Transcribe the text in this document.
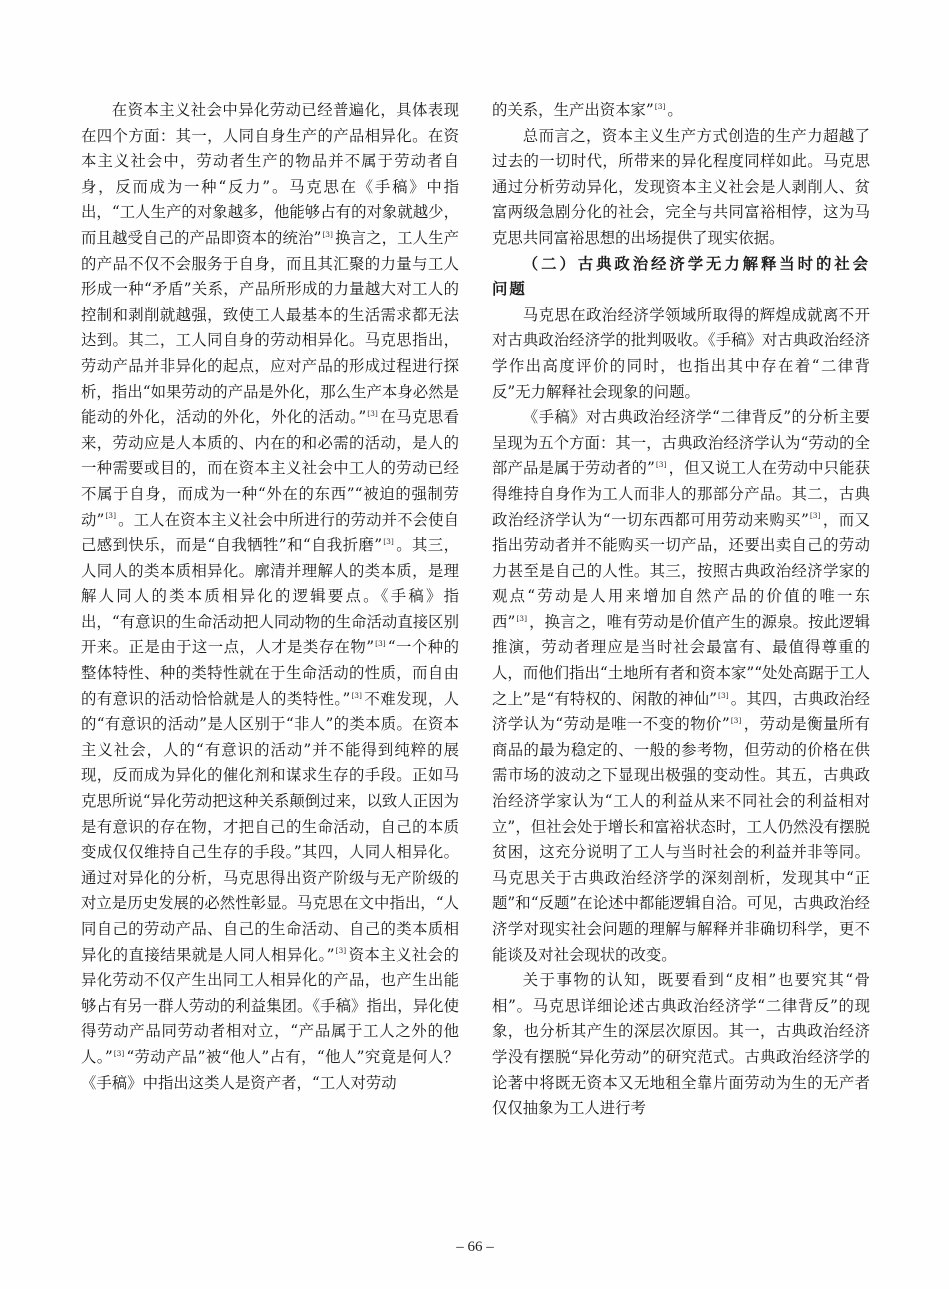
在资本主义社会中异化劳动已经普遍化，具体表现在四个方面：其一，人同自身生产的产品相异化。在资本主义社会中，劳动者生产的物品并不属于劳动者自身，反而成为一种“反力”。马克思在《手稿》中指出，“工人生产的对象越多，他能够占有的对象就越少，而且越受自己的产品即资本的统治”[3] 换言之，工人生产的产品不仅不会服务于自身，而且其汇聚的力量与工人形成一种“矛盾”关系，产品所形成的力量越大对工人的控制和剥削就越强，致使工人最基本的生活需求都无法达到。其二，工人同自身的劳动相异化。马克思指出，劳动产品并非异化的起点，应对产品的形成过程进行探析，指出“如果劳动的产品是外化，那么生产本身必然是能动的外化，活动的外化，外化的活动。”[3] 在马克思看来，劳动应是人本质的、内在的和必需的活动，是人的一种需要或目的，而在资本主义社会中工人的劳动已经不属于自身，而成为一种“外在的东西”“被迫的强制劳动”[3] 。工人在资本主义社会中所进行的劳动并不会使自己感到快乐，而是“自我牺牲”和“自我折磨”[3] 。其三，人同人的类本质相异化。廓清并理解人的类本质，是理解人同人的类本质相异化的逻辑要点。《手稿》指出，“有意识的生命活动把人同动物的生命活动直接区别开来。正是由于这一点，人才是类存在物”[3] “一个种的整体特性、种的类特性就在于生命活动的性质，而自由的有意识的活动恰恰就是人的类特性。”[3] 不难发现，人的“有意识的活动”是人区别于“非人”的类本质。在资本主义社会，人的“有意识的活动”并不能得到纯粹的展现，反而成为异化的催化剂和谋求生存的手段。正如马克思所说“异化劳动把这种关系颠倒过来，以致人正因为是有意识的存在物，才把自己的生命活动，自己的本质变成仅仅维持自己生存的手段。”其四，人同人相异化。通过对异化的分析，马克思得出资产阶级与无产阶级的对立是历史发展的必然性彰显。马克思在文中指出，“人同自己的劳动产品、自己的生命活动、自己的类本质相异化的直接结果就是人同人相异化。”[3] 资本主义社会的异化劳动不仅产生出同工人相异化的产品，也产生出能够占有另一群人劳动的利益集团。《手稿》指出，异化使得劳动产品同劳动者相对立，“产品属于工人之外的他人。”[3] “劳动产品”被“他人”占有，“他人”究竟是何人？《手稿》中指出这类人是资产者，“工人对劳动

的关系，生产出资本家”[3] 。

总而言之，资本主义生产方式创造的生产力超越了过去的一切时代，所带来的异化程度同样如此。马克思通过分析劳动异化，发现资本主义社会是人剥削人、贫富两级急剧分化的社会，完全与共同富裕相悖，这为马克思共同富裕思想的出场提供了现实依据。

（二）古典政治经济学无力解释当时的社会问题

马克思在政治经济学领域所取得的辉煌成就离不开对古典政治经济学的批判吸收。《手稿》对古典政治经济学作出高度评价的同时，也指出其中存在着“二律背反”无力解释社会现象的问题。

《手稿》对古典政治经济学“二律背反”的分析主要呈现为五个方面：其一，古典政治经济学认为“劳动的全部产品是属于劳动者的”[3] ，但又说工人在劳动中只能获得维持自身作为工人而非人的那部分产品。其二，古典政治经济学认为“一切东西都可用劳动来购买”[3] ，而又指出劳动者并不能购买一切产品，还要出卖自己的劳动力甚至是自己的人性。其三，按照古典政治经济学家的观点“劳动是人用来增加自然产品的价值的唯一东西”[3] ，换言之，唯有劳动是价值产生的源泉。按此逻辑推演，劳动者理应是当时社会最富有、最值得尊重的人，而他们指出“土地所有者和资本家”“处处高踞于工人之上”是“有特权的、闲散的神仙”[3] 。其四，古典政治经济学认为“劳动是唯一不变的物价”[3] ，劳动是衡量所有商品的最为稳定的、一般的参考物，但劳动的价格在供需市场的波动之下显现出极强的变动性。其五，古典政治经济学家认为“工人的利益从来不同社会的利益相对立”，但社会处于增长和富裕状态时，工人仍然没有摆脱贫困，这充分说明了工人与当时社会的利益并非等同。马克思关于古典政治经济学的深刻剖析，发现其中“正题”和“反题”在论述中都能逻辑自洽。可见，古典政治经济学对现实社会问题的理解与解释并非确切科学，更不能谈及对社会现状的改变。

关于事物的认知，既要看到“皮相”也要究其“骨相”。马克思详细论述古典政治经济学“二律背反”的现象，也分析其产生的深层次原因。其一，古典政治经济学没有摆脱“异化劳动”的研究范式。古典政治经济学的论著中将既无资本又无地租全靠片面劳动为生的无产者仅仅抽象为工人进行考

– 66 –
